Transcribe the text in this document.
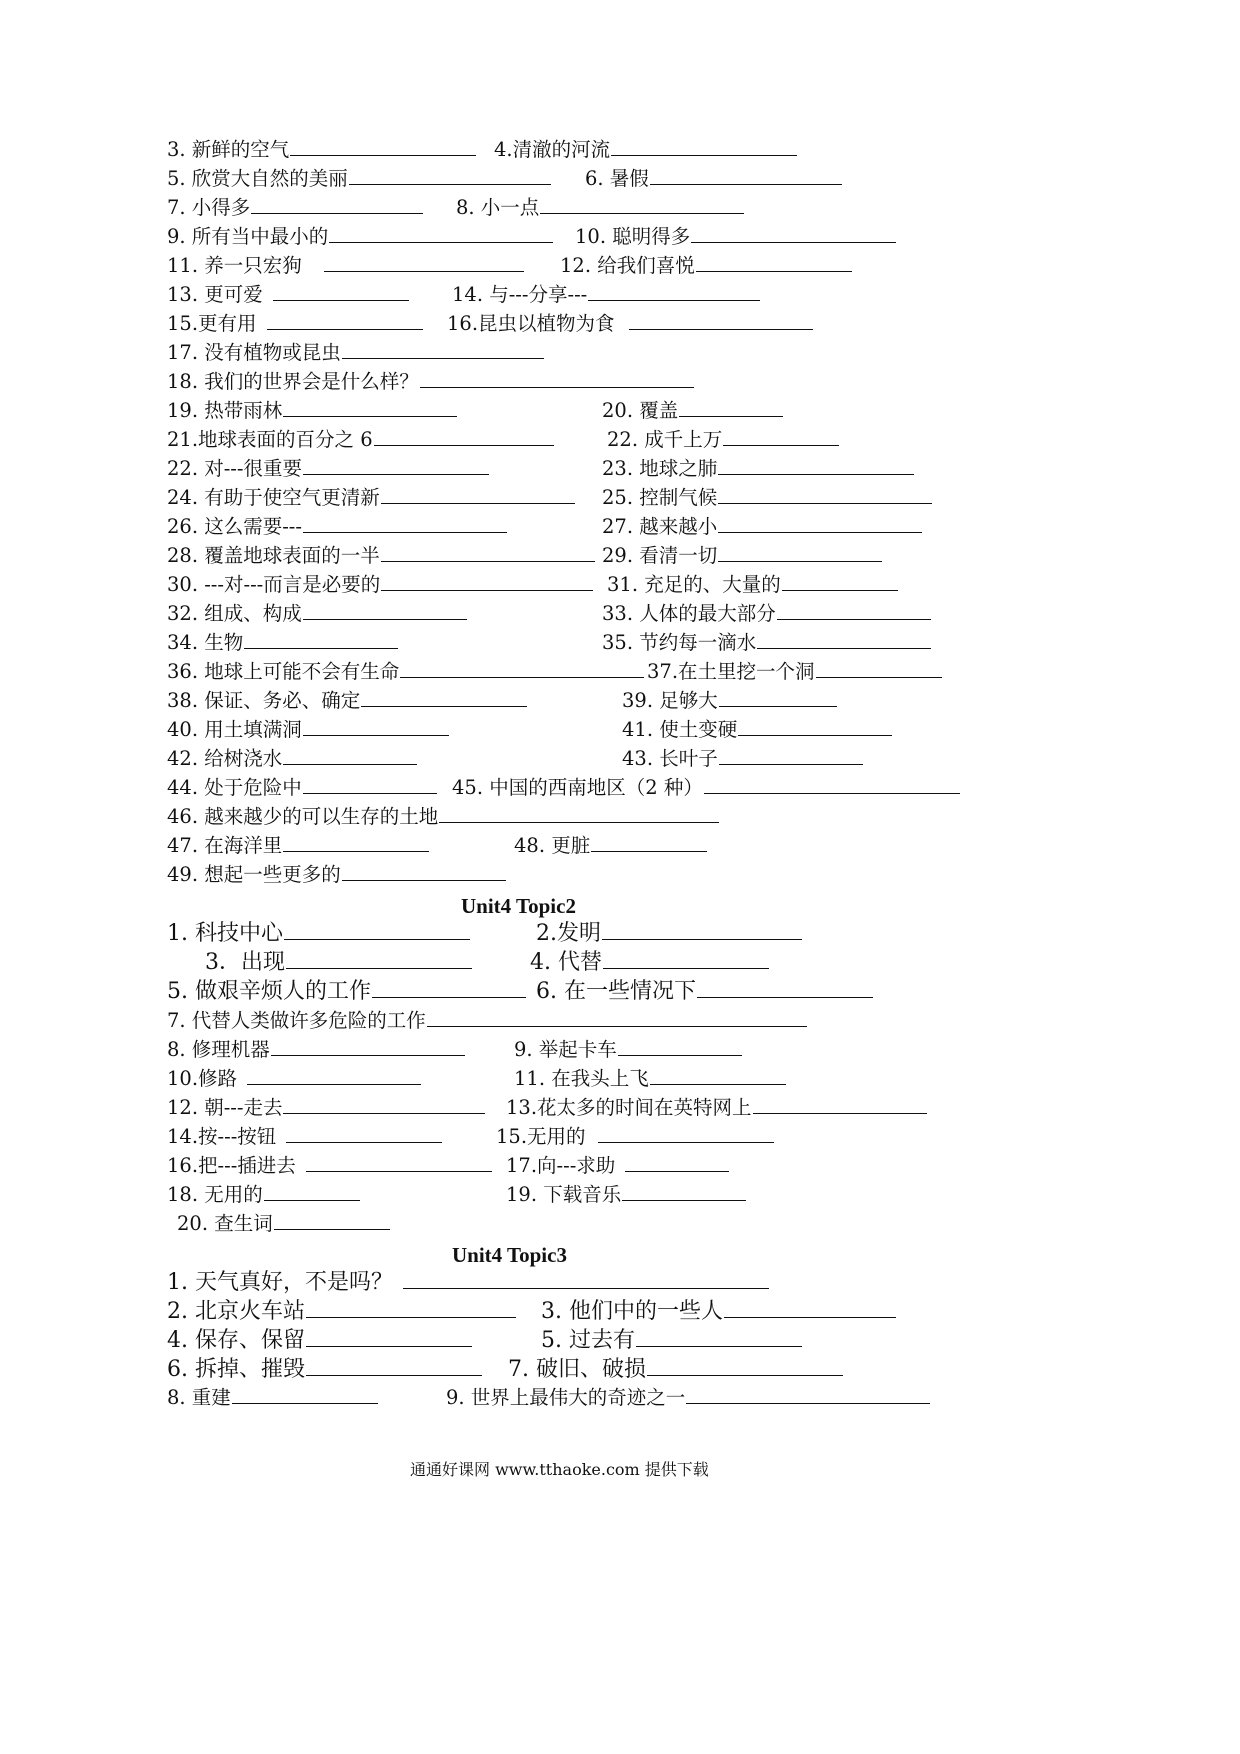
3. 新鲜的空气	4.清澈的河流
5. 欣赏大自然的美丽	6. 暑假
7. 小得多	8. 小一点
9. 所有当中最小的	10. 聪明得多
11. 养一只宏狗	12. 给我们喜悦
13. 更可爱	14. 与---分享---
15.更有用	16.昆虫以植物为食
17. 没有植物或昆虫
18. 我们的世界会是什么样？
19. 热带雨林	20. 覆盖
21.地球表面的百分之 6	22. 成千上万
22. 对---很重要	23. 地球之肺
24. 有助于使空气更清新	25. 控制气候
26. 这么需要---	27. 越来越小
28. 覆盖地球表面的一半	29. 看清一切
30. ---对---而言是必要的	31. 充足的、大量的
32. 组成、构成	33. 人体的最大部分
34. 生物	35. 节约每一滴水
36. 地球上可能不会有生命	37.在土里挖一个洞
38. 保证、务必、确定	39. 足够大
40. 用土填满洞	41. 使土变硬
42. 给树浇水	43. 长叶子
44. 处于危险中	45. 中国的西南地区（2 种）
46. 越来越少的可以生存的土地
47. 在海洋里	48. 更脏
49. 想起一些更多的
Unit4 Topic2
1. 科技中心	2.发明
3．出现	4. 代替
5. 做艰辛烦人的工作	6. 在一些情况下
7. 代替人类做许多危险的工作
8. 修理机器	9. 举起卡车
10.修路	11. 在我头上飞
12. 朝---走去	13.花太多的时间在英特网上
14.按---按钮	15.无用的
16.把---插进去	17.向---求助
18. 无用的	19. 下载音乐
20. 查生词
Unit4 Topic3
1. 天气真好，不是吗？
2. 北京火车站	3. 他们中的一些人
4. 保存、保留	5. 过去有
6. 拆掉、摧毁	7. 破旧、破损
8. 重建	9. 世界上最伟大的奇迹之一
通通好课网 www.tthaoke.com 提供下载
